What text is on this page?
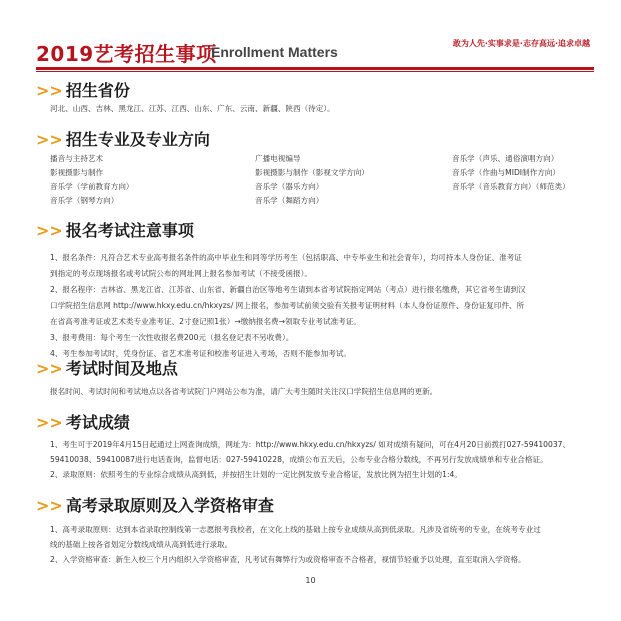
2019艺考招生事项
Enrollment Matters
敢为人先·实事求是·志存高远·追求卓越
>> 招生省份

河北、山西、吉林、黑龙江、江苏、江西、山东、广东、云南、新疆、陕西（待定）。

>> 招生专业及专业方向
播音与主持艺术
影视摄影与制作
音乐学（学前教育方向）
音乐学（钢琴方向）
广播电视编导
影视摄影与制作（影视文学方向）
音乐学（器乐方向）
音乐学（舞蹈方向）
音乐学（声乐、通俗演唱方向）
音乐学（作曲与MIDI制作方向）
音乐学（音乐教育方向）（师范类）
>> 报名考试注意事项

1、报名条件：凡符合艺术专业高考报名条件的高中毕业生和同等学历考生（包括职高、中专毕业生和社会青年），均可持本人身份证、准考证

到指定的考点现场报名或考试院公布的网址网上报名参加考试（不接受函报）。

2、报名程序：吉林省、黑龙江省、江苏省、山东省、新疆自治区等地考生请到本省考试院指定网站（考点）进行报名缴费，其它省考生请到汉

口学院招生信息网 http://www.hkxy.edu.cn/hkxyzs/ 网上报名，参加考试前须交验有关报考证明材料（本人身份证原件、身份证复印件、所

在省高考准考证或艺术类专业准考证、2寸登记照1张）→缴纳报名费→领取专业考试准考证。

3、报考费用：每个考生一次性收报名费200元（报名登记表不另收费）。

4、考生参加考试时，凭身份证、省艺术准考证和校准考证进入考场，否则不能参加考试。

>> 考试时间及地点

报名时间、考试时间和考试地点以各省考试院门户网站公布为准，请广大考生随时关注汉口学院招生信息网的更新。

>> 考试成绩

1、考生可于2019年4月15日起通过上网查询成绩，网址为：http://www.hkxy.edu.cn/hkxyzs/ 如对成绩有疑问，可在4月20日前拨打027-59410037、

59410038、59410087进行电话查询，监督电话：027-59410228，成绩公布五天后，公布专业合格分数线，不再另行发放成绩单和专业合格证。

2、录取原则：依照考生的专业综合成绩从高到低，并按招生计划的一定比例发放专业合格证，发放比例为招生计划的1:4。

>> 高考录取原则及入学资格审查

1、高考录取原则：达到本省录取控制线第一志愿报考我校者，在文化上线的基础上按专业成绩从高到低录取。凡涉及省统考的专业，在统考专业过

线的基础上按各省划定分数线成绩从高到低进行录取。

2、入学资格审查：新生入校三个月内组织入学资格审查，凡考试有舞弊行为或资格审查不合格者，视情节轻重予以处理，直至取消入学资格。

10
